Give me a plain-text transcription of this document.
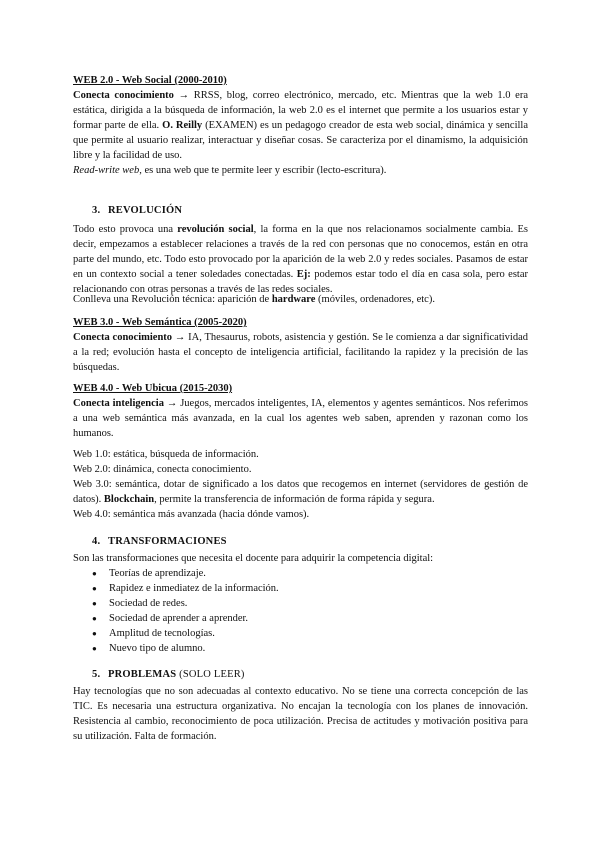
WEB 2.0 - Web Social (2000-2010)
Conecta conocimiento → RRSS, blog, correo electrónico, mercado, etc. Mientras que la web 1.0 era estática, dirigida a la búsqueda de información, la web 2.0 es el internet que permite a los usuarios estar y formar parte de ella. O. Reilly (EXAMEN) es un pedagogo creador de esta web social, dinámica y sencilla que permite al usuario realizar, interactuar y diseñar cosas. Se caracteriza por el dinamismo, la adquisición libre y la facilidad de uso.
Read-write web, es una web que te permite leer y escribir (lecto-escritura).
3. REVOLUCIÓN
Todo esto provoca una revolución social, la forma en la que nos relacionamos socialmente cambia. Es decir, empezamos a establecer relaciones a través de la red con personas que no conocemos, están en otra parte del mundo, etc. Todo esto provocado por la aparición de la web 2.0 y redes sociales. Pasamos de estar en un contexto social a tener soledades conectadas. Ej: podemos estar todo el día en casa sola, pero estar relacionando con otras personas a través de las redes sociales.
Conlleva una Revolución técnica: aparición de hardware (móviles, ordenadores, etc).
WEB 3.0 - Web Semántica (2005-2020)
Conecta conocimiento → IA, Thesaurus, robots, asistencia y gestión. Se le comienza a dar significatividad a la red; evolución hasta el concepto de inteligencia artificial, facilitando la rapidez y la precisión de las búsquedas.
WEB 4.0 - Web Ubicua (2015-2030)
Conecta inteligencia → Juegos, mercados inteligentes, IA, elementos y agentes semánticos. Nos referimos a una web semántica más avanzada, en la cual los agentes web saben, aprenden y razonan como los humanos.
Web 1.0: estática, búsqueda de información.
Web 2.0: dinámica, conecta conocimiento.
Web 3.0: semántica, dotar de significado a los datos que recogemos en internet (servidores de gestión de datos). Blockchain, permite la transferencia de información de forma rápida y segura.
Web 4.0: semántica más avanzada (hacia dónde vamos).
4. TRANSFORMACIONES
Son las transformaciones que necesita el docente para adquirir la competencia digital:
● Teorías de aprendizaje.
● Rapidez e inmediatez de la información.
● Sociedad de redes.
● Sociedad de aprender a aprender.
● Amplitud de tecnologías.
● Nuevo tipo de alumno.
5. PROBLEMAS (SOLO LEER)
Hay tecnologías que no son adecuadas al contexto educativo. No se tiene una correcta concepción de las TIC. Es necesaria una estructura organizativa. No encajan la tecnología con los planes de innovación. Resistencia al cambio, reconocimiento de poca utilización. Precisa de actitudes y motivación positiva para su utilización. Falta de formación.
